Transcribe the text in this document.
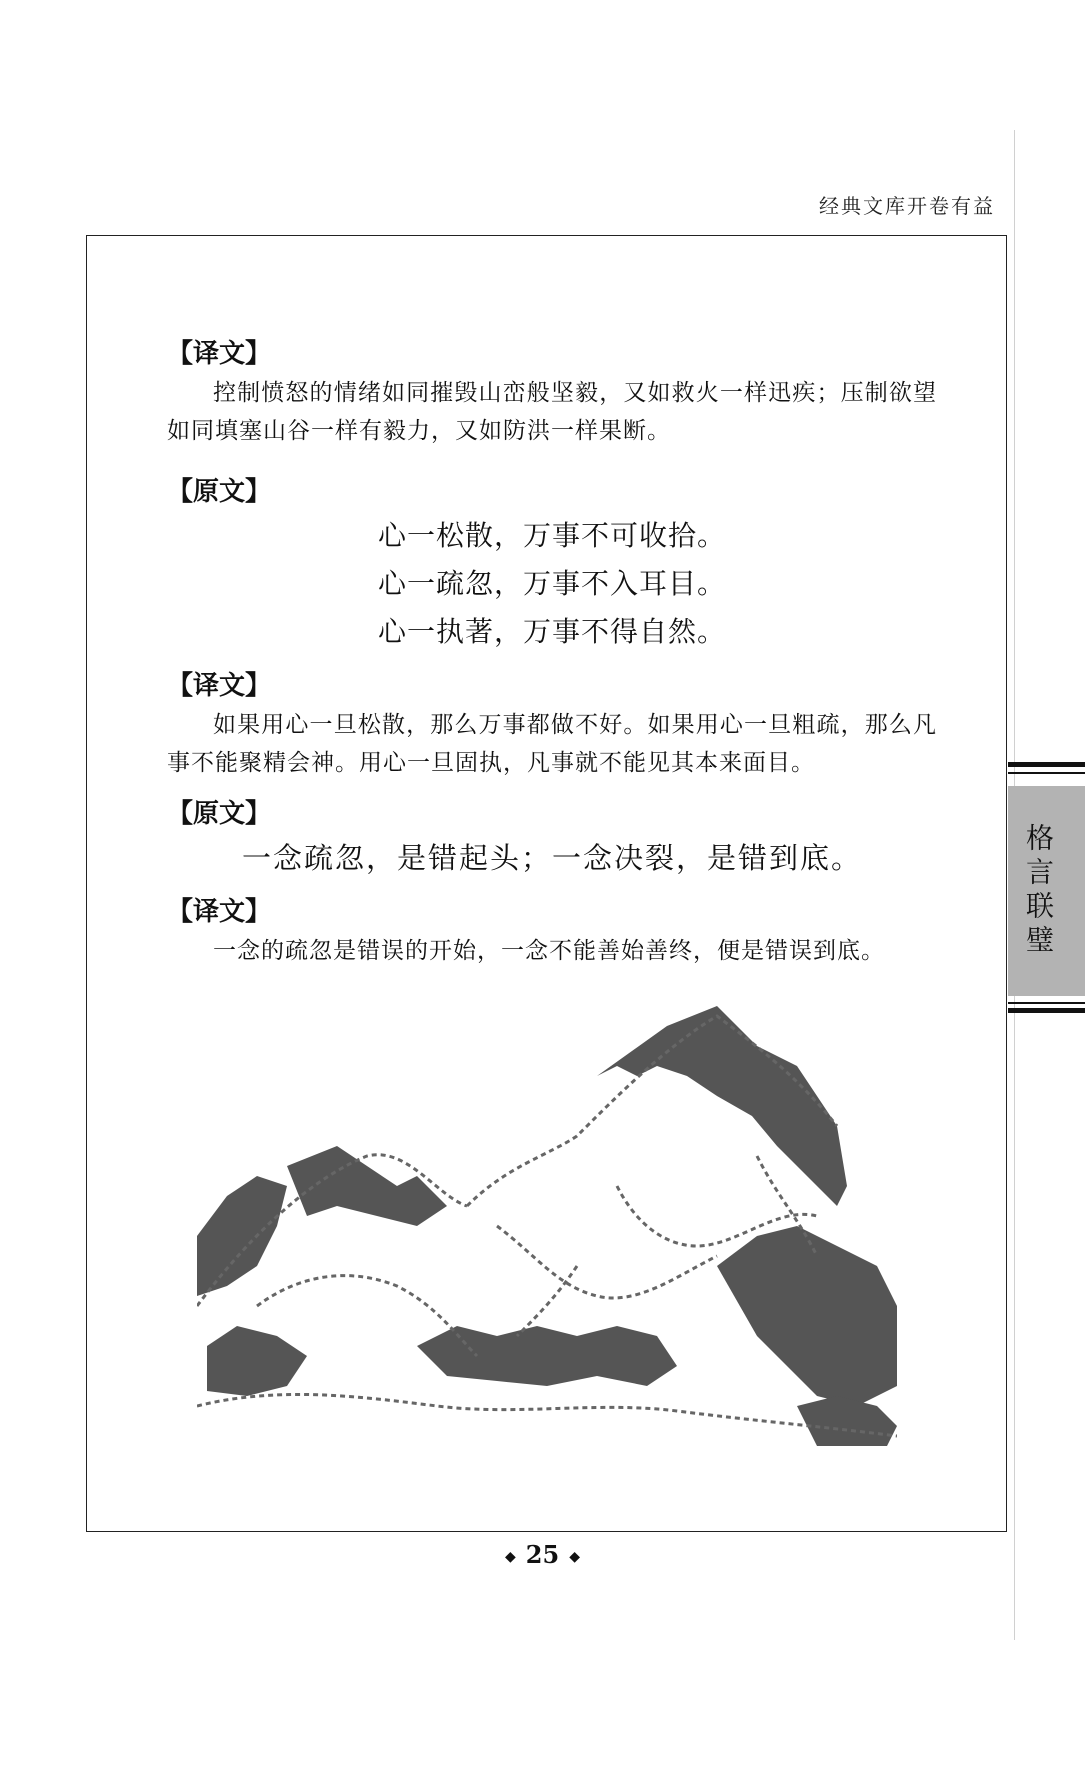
经典文库开卷有益

【译文】

控制愤怒的情绪如同摧毁山峦般坚毅，又如救火一样迅疾；压制欲望如同填塞山谷一样有毅力，又如防洪一样果断。

【原文】

心一松散，万事不可收拾。

心一疏忽，万事不入耳目。

心一执著，万事不得自然。

【译文】

如果用心一旦松散，那么万事都做不好。如果用心一旦粗疏，那么凡事不能聚精会神。用心一旦固执，凡事就不能见其本来面目。

【原文】

一念疏忽，是错起头；一念决裂，是错到底。

【译文】

一念的疏忽是错误的开始，一念不能善始善终，便是错误到底。

◆ 25 ◆
格言联璧
